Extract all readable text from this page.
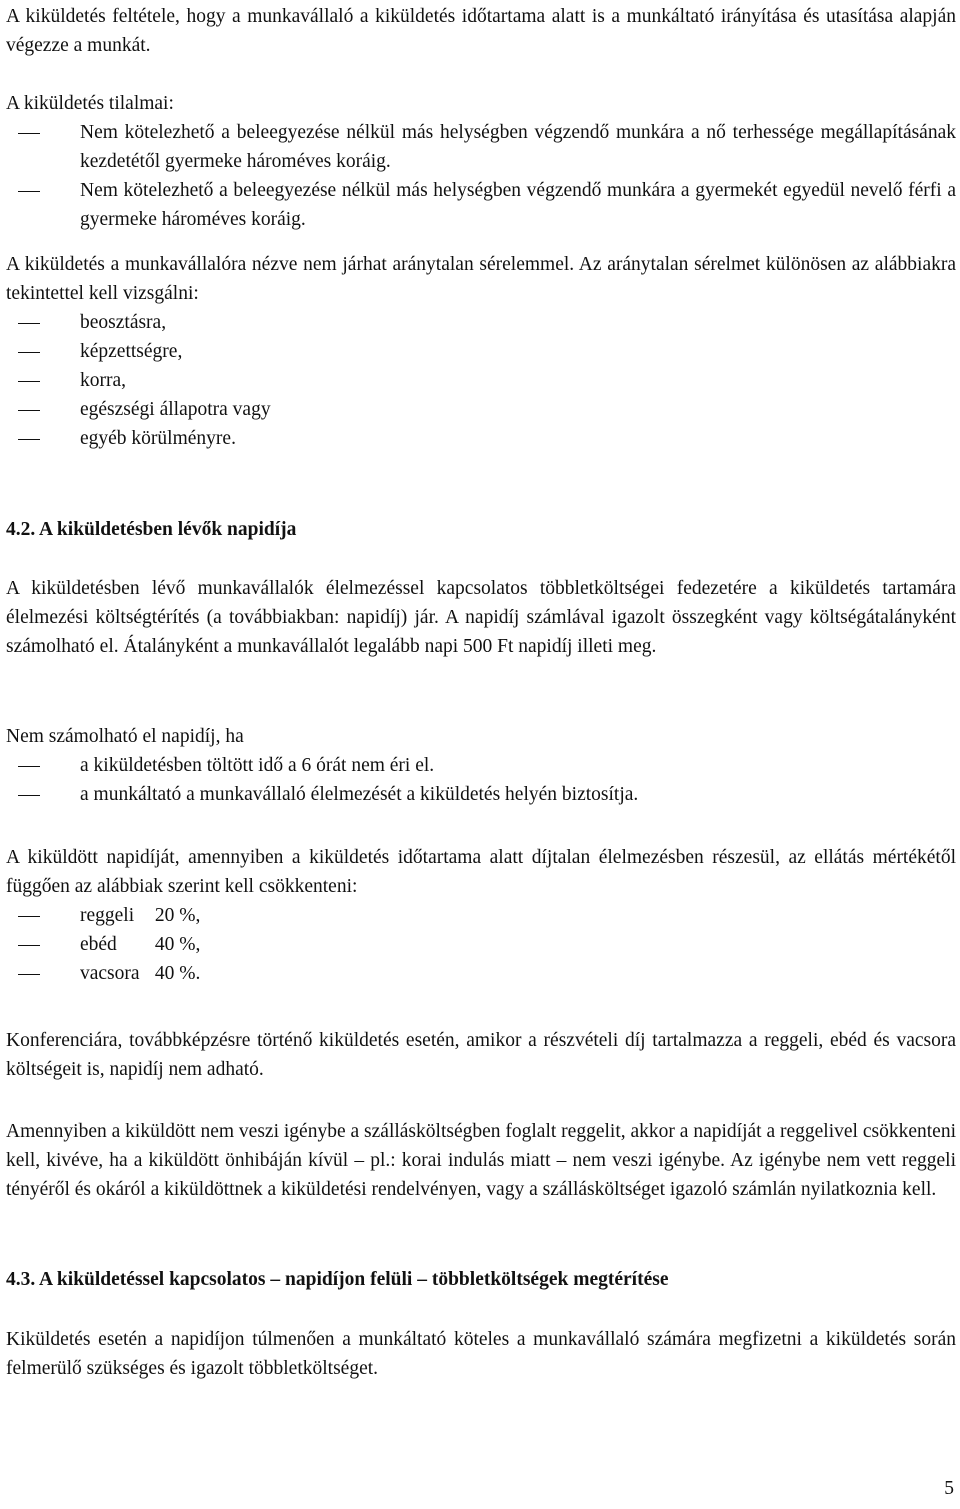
A kiküldetés feltétele, hogy a munkavállaló a kiküldetés időtartama alatt is a munkáltató irányítása és utasítása alapján végezze a munkát.

A kiküldetés tilalmai:

Nem kötelezhető a beleegyezése nélkül más helységben végzendő munkára a nő terhessége megállapításának kezdetétől gyermeke hároméves koráig.
Nem kötelezhető a beleegyezése nélkül más helységben végzendő munkára a gyermekét egyedül nevelő férfi a gyermeke hároméves koráig.

A kiküldetés a munkavállalóra nézve nem járhat aránytalan sérelemmel. Az aránytalan sérelmet különösen az alábbiakra tekintettel kell vizsgálni:

beosztásra,
képzettségre,
korra,
egészségi állapotra vagy
egyéb körülményre.
4.2. A kiküldetésben lévők napidíja

A kiküldetésben lévő munkavállalók élelmezéssel kapcsolatos többletköltségei fedezetére a kiküldetés tartamára élelmezési költségtérítés (a továbbiakban: napidíj) jár. A napidíj számlával igazolt összegként vagy költségátalányként számolható el. Átalányként a munkavállalót legalább napi 500 Ft napidíj illeti meg.

Nem számolható el napidíj, ha

a kiküldetésben töltött idő a 6 órát nem éri el.
a munkáltató a munkavállaló élelmezését a kiküldetés helyén biztosítja.

A kiküldött napidíját, amennyiben a kiküldetés időtartama alatt díjtalan élelmezésben részesül, az ellátás mértékétől függően az alábbiak szerint kell csökkenteni:

reggeli 20 %,
ebéd 40 %,
vacsora 40 %.

Konferenciára, továbbképzésre történő kiküldetés esetén, amikor a részvételi díj tartalmazza a reggeli, ebéd és vacsora költségeit is, napidíj nem adható.

Amennyiben a kiküldött nem veszi igénybe a szállásköltségben foglalt reggelit, akkor a napidíját a reggelivel csökkenteni kell, kivéve, ha a kiküldött önhibáján kívül – pl.: korai indulás miatt – nem veszi igénybe. Az igénybe nem vett reggeli tényéről és okáról a kiküldöttnek a kiküldetési rendelvényen, vagy a szállásköltséget igazoló számlán nyilatkoznia kell.

4.3. A kiküldetéssel kapcsolatos – napidíjon felüli – többletköltségek megtérítése

Kiküldetés esetén a napidíjon túlmenően a munkáltató köteles a munkavállaló számára megfizetni a kiküldetés során felmerülő szükséges és igazolt többletköltséget.

5
